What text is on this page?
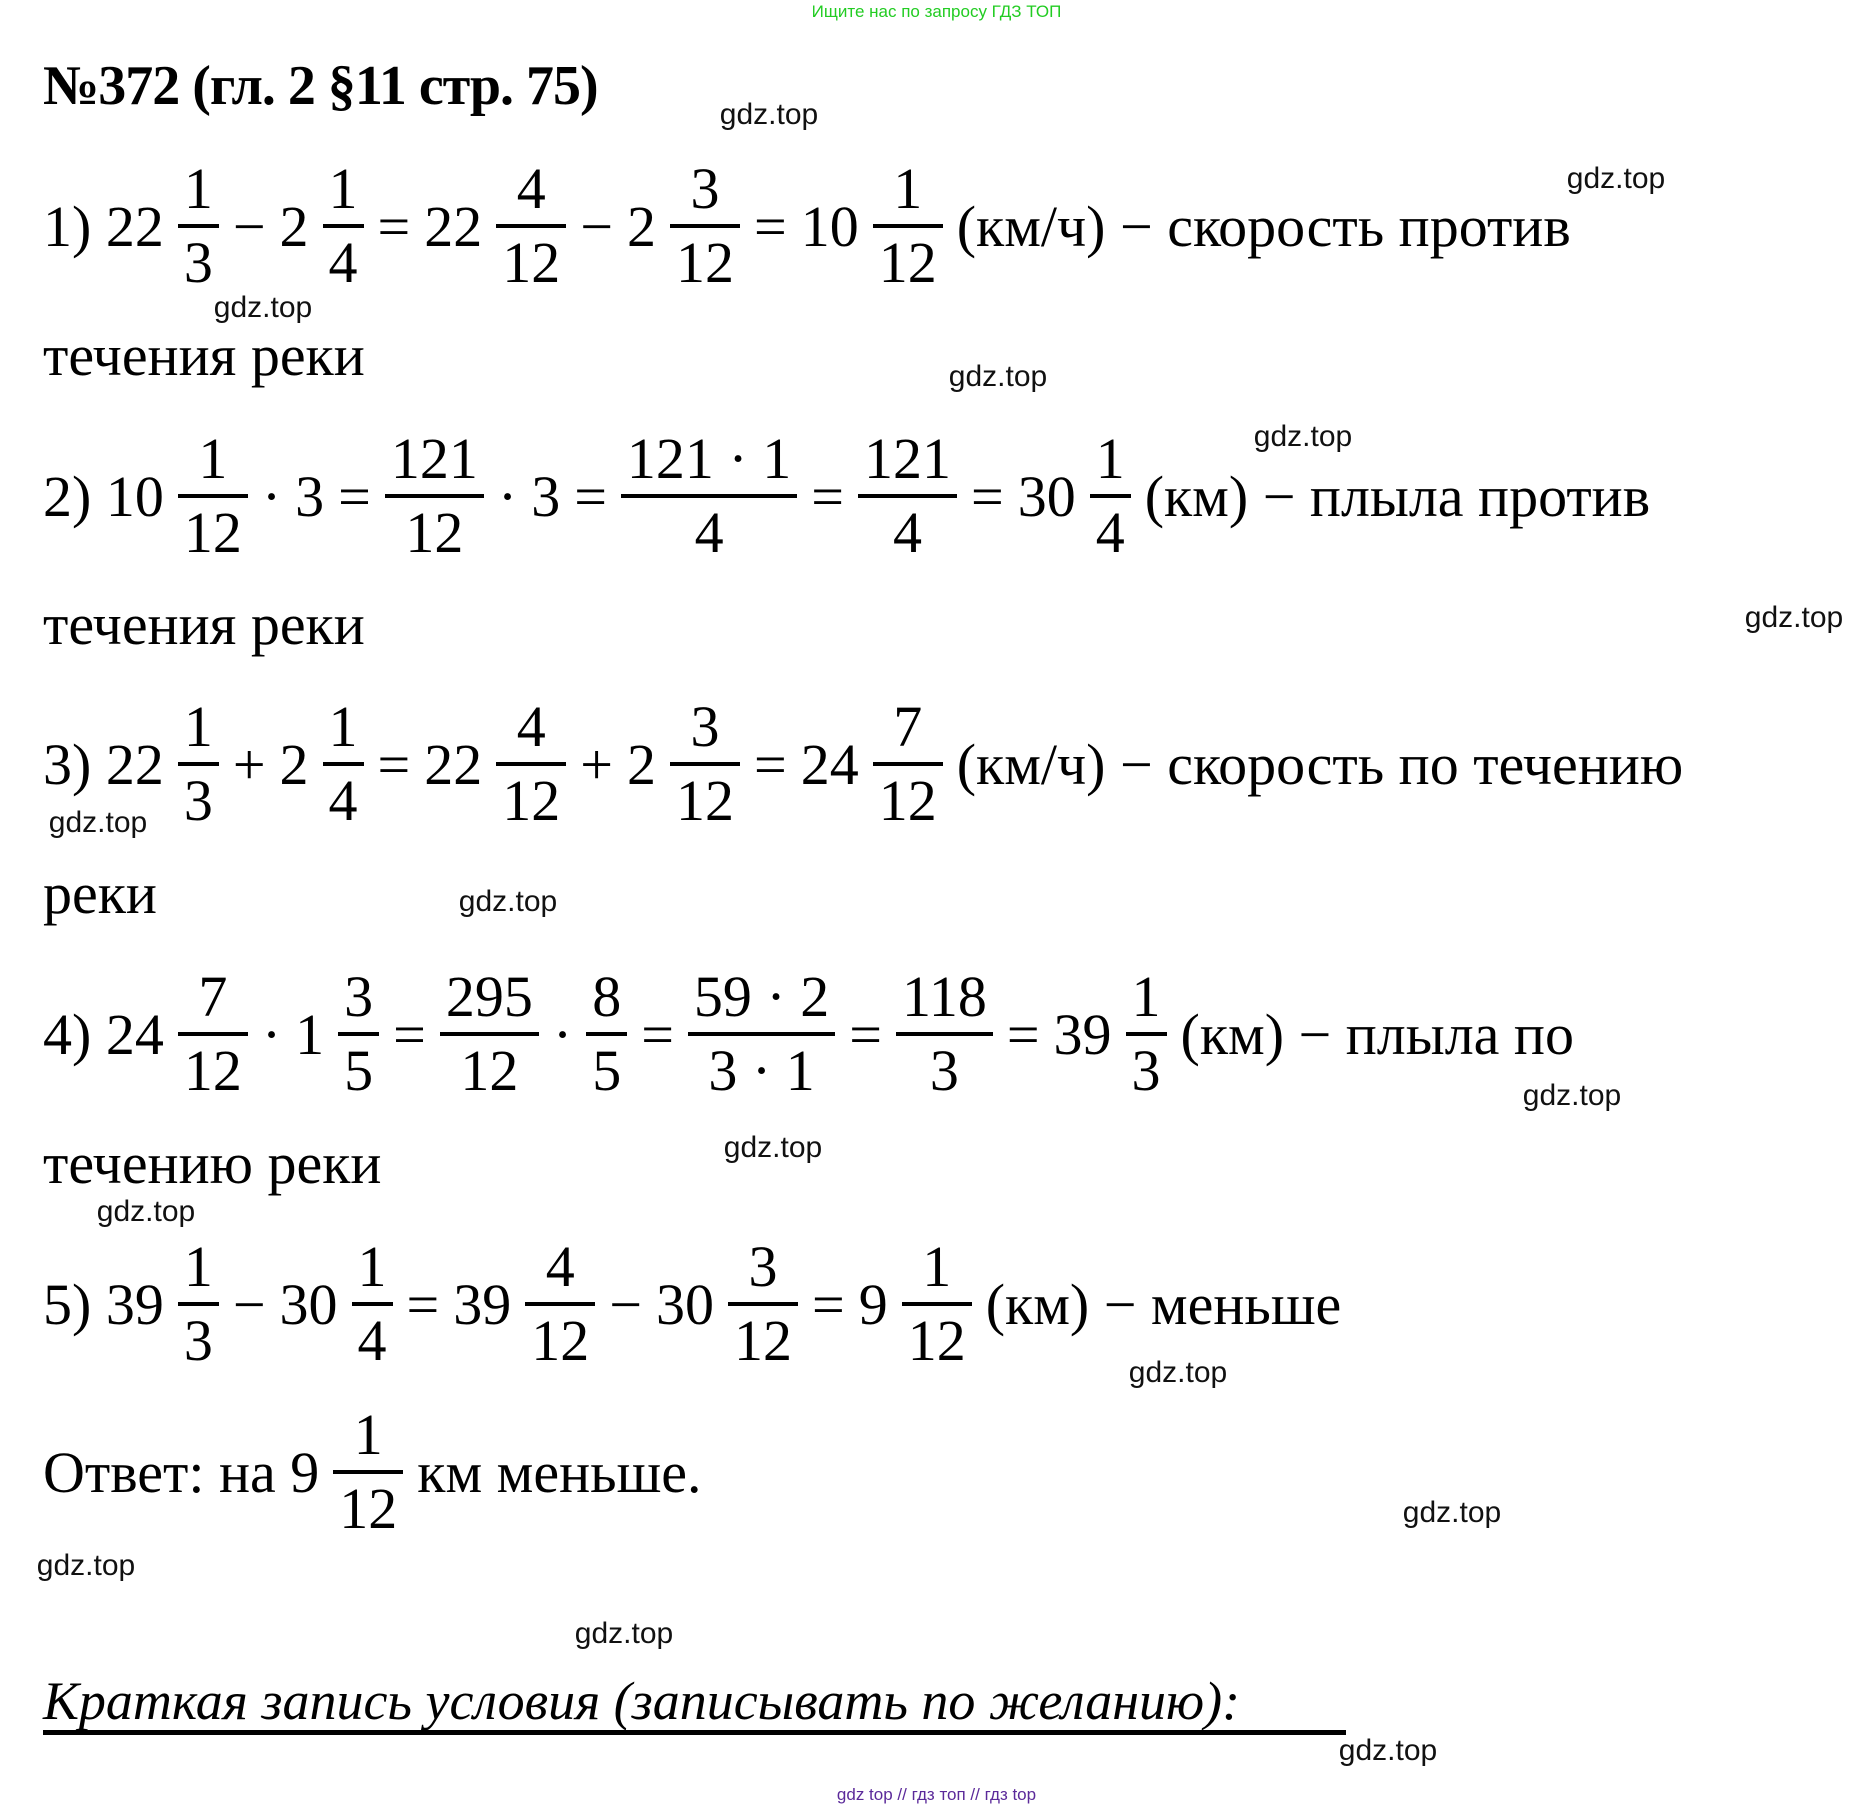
Ищите нас по запросу ГДЗ ТОП
№372 (гл. 2 §11 стр. 75)
1) $22 \frac{1}{3} - 2 \frac{1}{4} = 22 \frac{4}{12} - 2 \frac{3}{12} = 10 \frac{1}{12} (км/ч)$ − скорость против
течения реки
2) $10 \frac{1}{12} \cdot 3 = \frac{121}{12} \cdot 3 = \frac{121 \cdot 1}{4} = \frac{121}{4} = 30 \frac{1}{4} (км)$ − плыла против
течения реки
3) $22 \frac{1}{3} + 2 \frac{1}{4} = 22 \frac{4}{12} + 2 \frac{3}{12} = 24 \frac{7}{12} (км/ч)$ − скорость по течению
реки
4) $24 \frac{7}{12} \cdot 1 \frac{3}{5} = \frac{295}{12} \cdot \frac{8}{5} = \frac{59 \cdot 2}{3 \cdot 1} = \frac{118}{3} = 39 \frac{1}{3} (км)$ − плыла по
течению реки
5) $39 \frac{1}{3} - 30 \frac{1}{4} = 39 \frac{4}{12} - 30 \frac{3}{12} = 9 \frac{1}{12} (км)$ − меньше
Ответ: на $9 \frac{1}{12}$ км меньше.
Краткая запись условия (записывать по желанию):
gdz.top
gdz.top
gdz.top
gdz.top
gdz.top
gdz.top
gdz.top
gdz.top
gdz.top
gdz.top
gdz.top
gdz.top
gdz.top
gdz.top
gdz.top
gdz.top
gdz top // гдз топ // гдз top
